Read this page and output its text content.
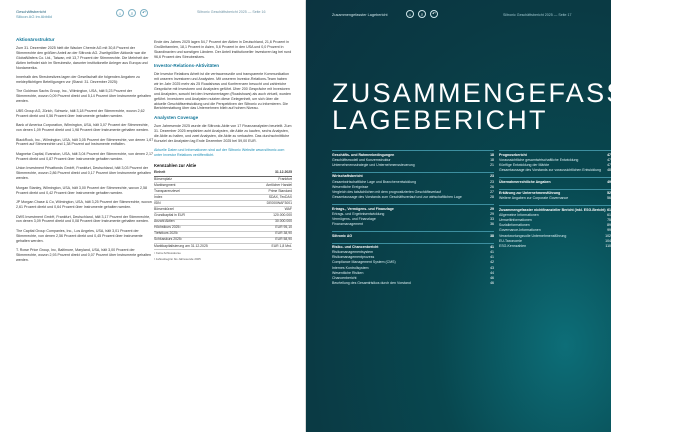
Geschäftsbericht
Silicon AG im Abbild
⌂	⌕	↶	Siltronic Geschäftsbericht 2025 — Seite 16
Aktionärsstruktur

Zum 31. Dezember 2025 hielt die Wacker Chemie AG mit 30,8 Prozent der Stimmrechte den größten Anteil an der Siltronic AG. Zweitgrößter Aktionär war die GlobalWafers Co. Ltd., Taiwan, mit 13,7 Prozent der Stimmrechte. Die Mehrheit der Aktien befindet sich im Streubesitz, darunter institutionelle Anleger aus Europa und Nordamerika.

Innerhalb des Streubesitzes lagen der Gesellschaft die folgenden Angaben zu meldepflichtigen Beteiligungen vor (Stand: 31. Dezember 2025):

The Goldman Sachs Group, Inc., Wilmington, USA, hält 5,23 Prozent der Stimmrechte, wovon 0,09 Prozent direkt und 5,14 Prozent über Instrumente gehalten werden.

UBS Group AG, Zürich, Schweiz, hält 3,18 Prozent der Stimmrechte, wovon 2,62 Prozent direkt und 0,56 Prozent über Instrumente gehalten werden.

Bank of America Corporation, Wilmington, USA, hält 3,07 Prozent der Stimmrechte, von denen 1,09 Prozent direkt und 1,98 Prozent über Instrumente gehalten werden.

BlackRock, Inc., Wilmington, USA, hält 3,05 Prozent der Stimmrechte, von denen 1,67 Prozent auf Stimmrechte und 1,38 Prozent auf Instrumente entfallen.

Magnetar Capital, Evanston, USA, hält 3,04 Prozent der Stimmrechte, von denen 2,17 Prozent direkt und 0,87 Prozent über Instrumente gehalten werden.

Union Investment Privatfonds GmbH, Frankfurt, Deutschland, hält 3,03 Prozent der Stimmrechte, wovon 2,86 Prozent direkt und 0,17 Prozent über Instrumente gehalten werden.

Morgan Stanley, Wilmington, USA, hält 3,00 Prozent der Stimmrechte, wovon 2,58 Prozent direkt und 0,42 Prozent über Instrumente gehalten werden.

JP Morgan Chase & Co, Wilmington, USA, hält 3,25 Prozent der Stimmrechte, wovon 2,61 Prozent direkt und 0,64 Prozent über Instrumente gehalten werden.

DWS Investment GmbH, Frankfurt, Deutschland, hält 3,17 Prozent der Stimmrechte, von denen 3,09 Prozent direkt und 0,08 Prozent über Instrumente gehalten werden.

The Capital Group Companies, Inc., Los Angeles, USA, hält 3,01 Prozent der Stimmrechte, von denen 2,56 Prozent direkt und 0,45 Prozent über Instrumente gehalten werden.

T. Rowe Price Group, Inc, Baltimore, Maryland, USA, hält 3,00 Prozent der Stimmrechte, wovon 2,93 Prozent direkt und 0,07 Prozent über Instrumente gehalten werden.

Ende des Jahres 2025 lagen 54,7 Prozent der Aktien in Deutschland, 21,6 Prozent in Großbritannien, 18,1 Prozent in Asien, 5,6 Prozent in den USA und 0,0 Prozent in Skandinavien und sonstigen Ländern. Der Anteil institutioneller Investoren lag bei rund 96,6 Prozent des Streubesitzes.

Investor-Relations-Aktivitäten

Die Investor Relations Arbeit ist die vertrauensvolle und transparente Kommunikation mit unseren Investoren und Analysten. Mit unserem Investor-Relations-Team haben wir im Jahr 2025 mehr als 25 Roadshows und Konferenzen besucht und zahlreiche Gespräche mit Investoren und Analysten geführt. Über 200 Gespräche mit Investoren und Analysten, sowohl bei den Investorentagen (Roadshows) als auch virtuell, wurden geführt. Investoren und Analysten nutzten diese Gelegenheit, um sich über die aktuelle Geschäftsentwicklung und die Perspektiven der Siltronic zu informieren. Die Berichterstattung über das Unternehmen blieb auf hohem Niveau.

Analysten Coverage

Zum Jahresende 2025 wurde die Siltronic-Aktie von 17 Finanzanalysten beurteilt. Zum 31. Dezember 2025 empfahlen acht Analysten, die Aktie zu kaufen, sechs Analysten, die Aktie zu halten, und zwei Analysten, die Aktie zu verkaufen. Das durchschnittliche Kursziel der Analysten lag Ende Dezember 2025 bei 59,00 EUR.

Aktuelle Daten und Informationen sind auf der Siltronic Website www.siltronic.com unter Investor Relations veröffentlicht.

Kennzahlen zur Aktie
Einheit	31.12.2025
Börsenplatz	Frankfurt
Marktsegment	Amtlicher Handel
Transparenzlevel	Prime Standard
Index	SDAX, TecDAX
ISIN	DE000WAF3001
Börsenkürzel	WAF
Grundkapital in EUR	120.000.000
Anzahl Aktien	30.000.000
Höchstkurs 2025¹	EUR 95,10
Tiefstkurs 2025¹	EUR 38,90
Schlusskurs 2025¹	EUR 58,90
Marktkapitalisierung am 31.12.2025	EUR 1,8 Mrd.
¹ Xetra-Schlusskurse
² Jahresbeginn bis Jahresende 2025
Zusammengefasster Lagebericht	⌂	⌕	↶	Siltronic Geschäftsbericht 2025 — Seite 17
ZUSAMMENGEFASSTER
LAGEBERICHT
Geschäfts- und Rahmenbedingungen	18
Geschäftsmodell und Konzernstruktur	18
Unternehmensstrategie und Unternehmenssteuerung	21
Wirtschaftsbericht	23
Gesamtwirtschaftliche Lage und Branchenentwicklung	23
Wesentliche Ereignisse	26
Vergleich des tatsächlichen mit dem prognostizierten Geschäftsverlauf	27
Gesamtaussage des Vorstands zum Geschäftsverlauf und zur wirtschaftlichen Lage	28
Ertrags-, Vermögens- und Finanzlage	29
Ertrags- und Ergebnisentwicklung	29
Vermögens- und Finanzlage	33
Finanzmanagement	36
Siltronic AG	38
Risiko- und Chancenbericht	41
Risikomanagementsystem	41
Risikomanagementprozess	41
Compliance Management System (CMS)	42
Internes Kontrollsystem	43
Wesentliche Risiken	44
Chancenbericht	46
Beurteilung des Gesamtrisikos durch den Vorstand	46
Prognosebericht	47
Voraussichtliche gesamtwirtschaftliche Entwicklung	47
Künftige Entwicklung der Märkte	47
Gesamtaussage des Vorstands zur voraussichtlichen Entwicklung 48
Übernahmerechtliche Angaben	49
Erklärung zur Unternehmensführung	52
Weitere Angaben zur Corporate Governance	56
Zusammengefasster nichtfinanzieller Bericht (inkl. ESG-Bericht) 61
Allgemeine Informationen	61
Umweltinformationen	75
Sozialinformationen	89
Governance-Informationen	99
Verantwortungsvolle Unternehmensführung	102
EU-Taxonomie	104
ESG-Kennzahlen	110
